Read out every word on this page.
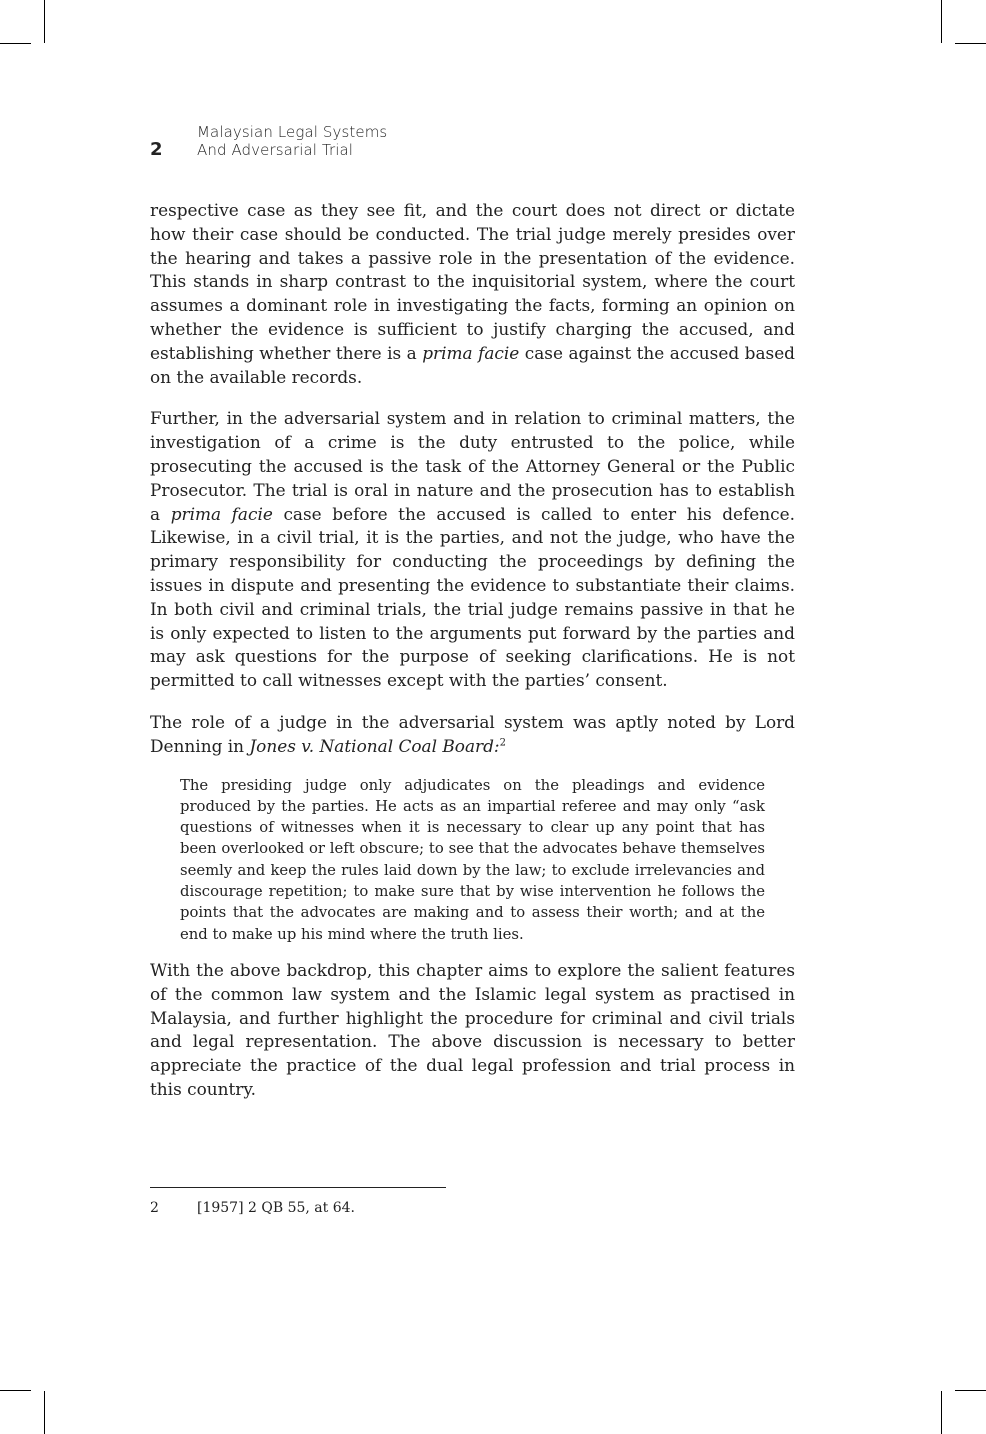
2
Malaysian Legal Systems
And Adversarial Trial

respective case as they see fit, and the court does not direct or dictate how their case should be conducted. The trial judge merely presides over the hearing and takes a passive role in the presentation of the evidence. This stands in sharp contrast to the inquisitorial system, where the court assumes a dominant role in investigating the facts, forming an opinion on whether the evidence is sufficient to justify charging the accused, and establishing whether there is a prima facie case against the accused based on the available records.

Further, in the adversarial system and in relation to criminal matters, the investigation of a crime is the duty entrusted to the police, while prosecuting the accused is the task of the Attorney General or the Public Prosecutor. The trial is oral in nature and the prosecution has to establish a prima facie case before the accused is called to enter his defence. Likewise, in a civil trial, it is the parties, and not the judge, who have the primary responsibility for conducting the proceedings by defining the issues in dispute and presenting the evidence to substantiate their claims. In both civil and criminal trials, the trial judge remains passive in that he is only expected to listen to the arguments put forward by the parties and may ask questions for the purpose of seeking clarifications. He is not permitted to call witnesses except with the parties’ consent.

The role of a judge in the adversarial system was aptly noted by Lord Denning in Jones v. National Coal Board:$^2$

The presiding judge only adjudicates on the pleadings and evidence produced by the parties. He acts as an impartial referee and may only “ask questions of witnesses when it is necessary to clear up any point that has been overlooked or left obscure; to see that the advocates behave themselves seemly and keep the rules laid down by the law; to exclude irrelevancies and discourage repetition; to make sure that by wise intervention he follows the points that the advocates are making and to assess their worth; and at the end to make up his mind where the truth lies.

With the above backdrop, this chapter aims to explore the salient features of the common law system and the Islamic legal system as practised in Malaysia, and further highlight the procedure for criminal and civil trials and legal representation. The above discussion is necessary to better appreciate the practice of the dual legal profession and trial process in this country.

2	[1957] 2 QB 55, at 64.
